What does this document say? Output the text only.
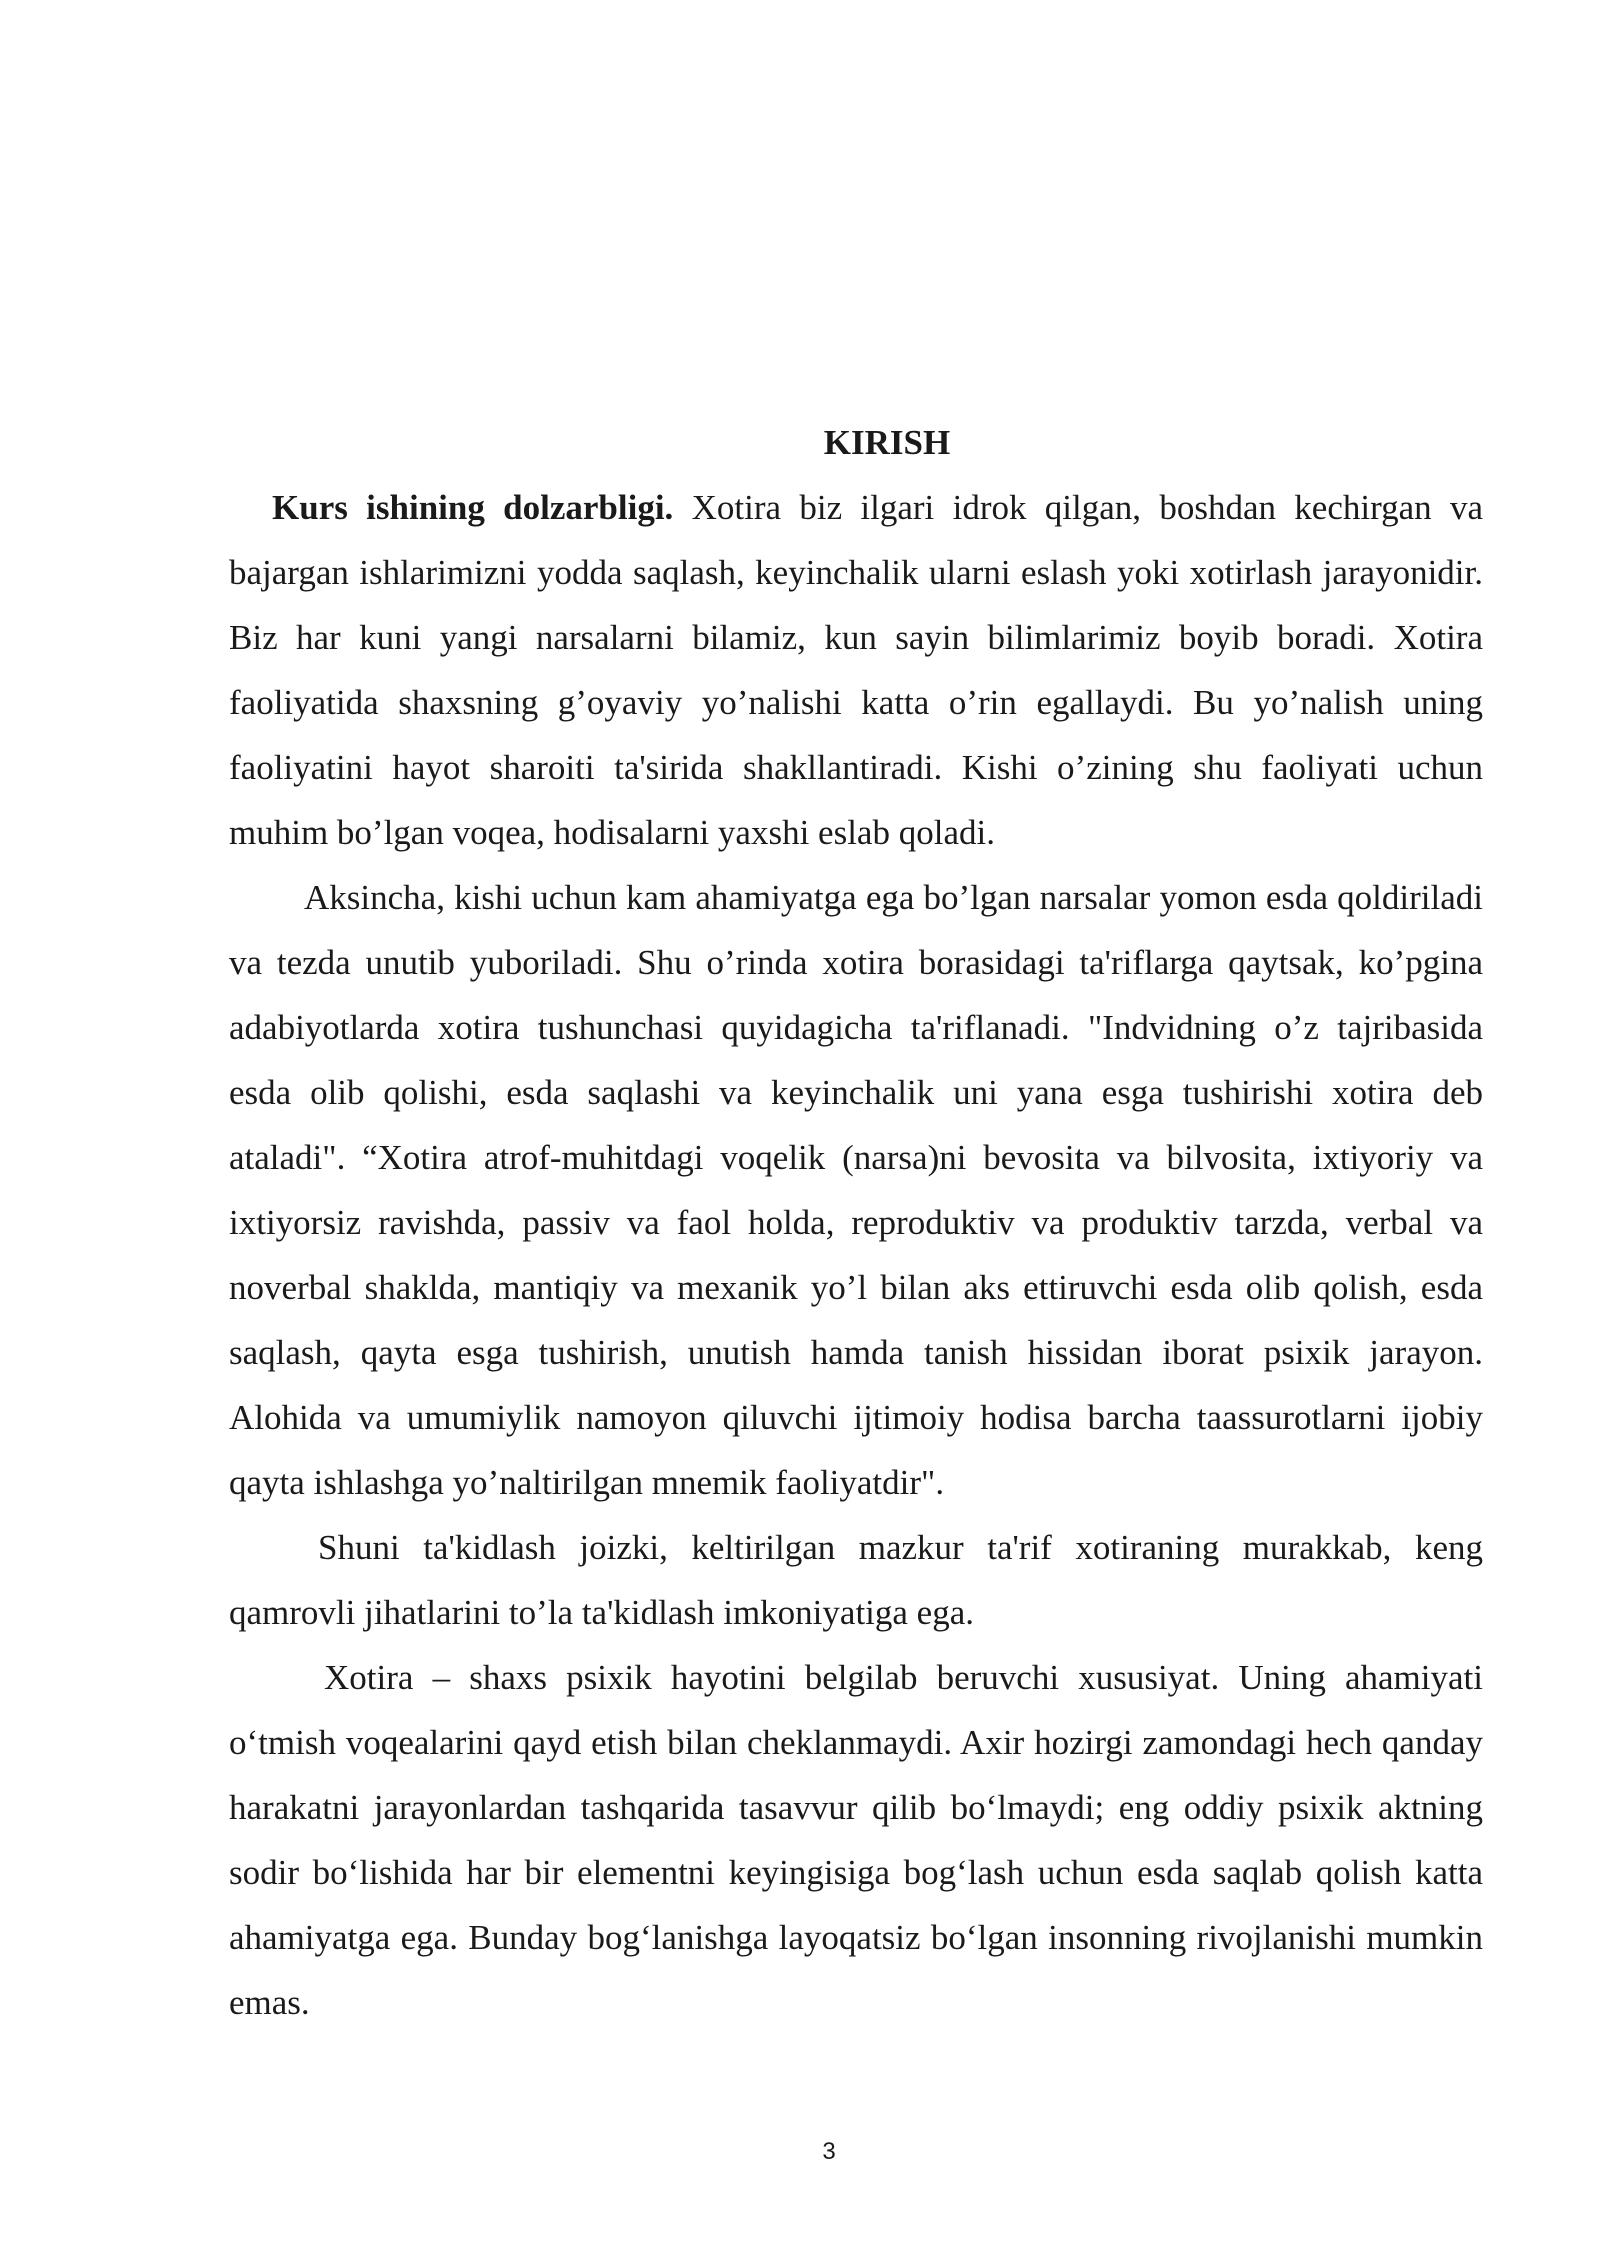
KIRISH

Kurs ishining dolzarbligi. Xotira biz ilgari idrok qilgan, boshdan kechirgan va bajargan ishlarimizni yodda saqlash, keyinchalik ularni eslash yoki xotirlash jarayonidir. Biz har kuni yangi narsalarni bilamiz, kun sayin bilimlarimiz boyib boradi. Xotira faoliyatida shaxsning g’oyaviy yo’nalishi katta o’rin egallaydi. Bu yo’nalish uning faoliyatini hayot sharoiti ta'sirida shakllantiradi. Kishi o’zining shu faoliyati uchun muhim bo’lgan voqea, hodisalarni yaxshi eslab qoladi.

Aksincha, kishi uchun kam ahamiyatga ega bo’lgan narsalar yomon esda qoldiriladi va tezda unutib yuboriladi. Shu o’rinda xotira borasidagi ta'riflarga qaytsak, ko’pgina adabiyotlarda xotira tushunchasi quyidagicha ta'riflanadi. "Indvidning o’z tajribasida esda olib qolishi, esda saqlashi va keyinchalik uni yana esga tushirishi xotira deb ataladi". “Xotira atrof-muhitdagi voqelik (narsa)ni bevosita va bilvosita, ixtiyoriy va ixtiyorsiz ravishda, passiv va faol holda, reproduktiv va produktiv tarzda, verbal va noverbal shaklda, mantiqiy va mexanik yo’l bilan aks ettiruvchi esda olib qolish, esda saqlash, qayta esga tushirish, unutish hamda tanish hissidan iborat psixik jarayon. Alohida va umumiylik namoyon qiluvchi ijtimoiy hodisa barcha taassurotlarni ijobiy qayta ishlashga yo’naltirilgan mnemik faoliyatdir".

Shuni ta'kidlash joizki, keltirilgan mazkur ta'rif xotiraning murakkab, keng qamrovli jihatlarini to’la ta'kidlash imkoniyatiga ega.

Xotira – shaxs psixik hayotini belgilab beruvchi xususiyat. Uning ahamiyati o‘tmish voqealarini qayd etish bilan cheklanmaydi. Axir hozirgi zamondagi hech qanday harakatni jarayonlardan tashqarida tasavvur qilib bo‘lmaydi; eng oddiy psixik aktning sodir bo‘lishida har bir elementni keyingisiga bog‘lash uchun esda saqlab qolish katta ahamiyatga ega. Bunday bog‘lanishga layoqatsiz bo‘lgan insonning rivojlanishi mumkin emas.

3
